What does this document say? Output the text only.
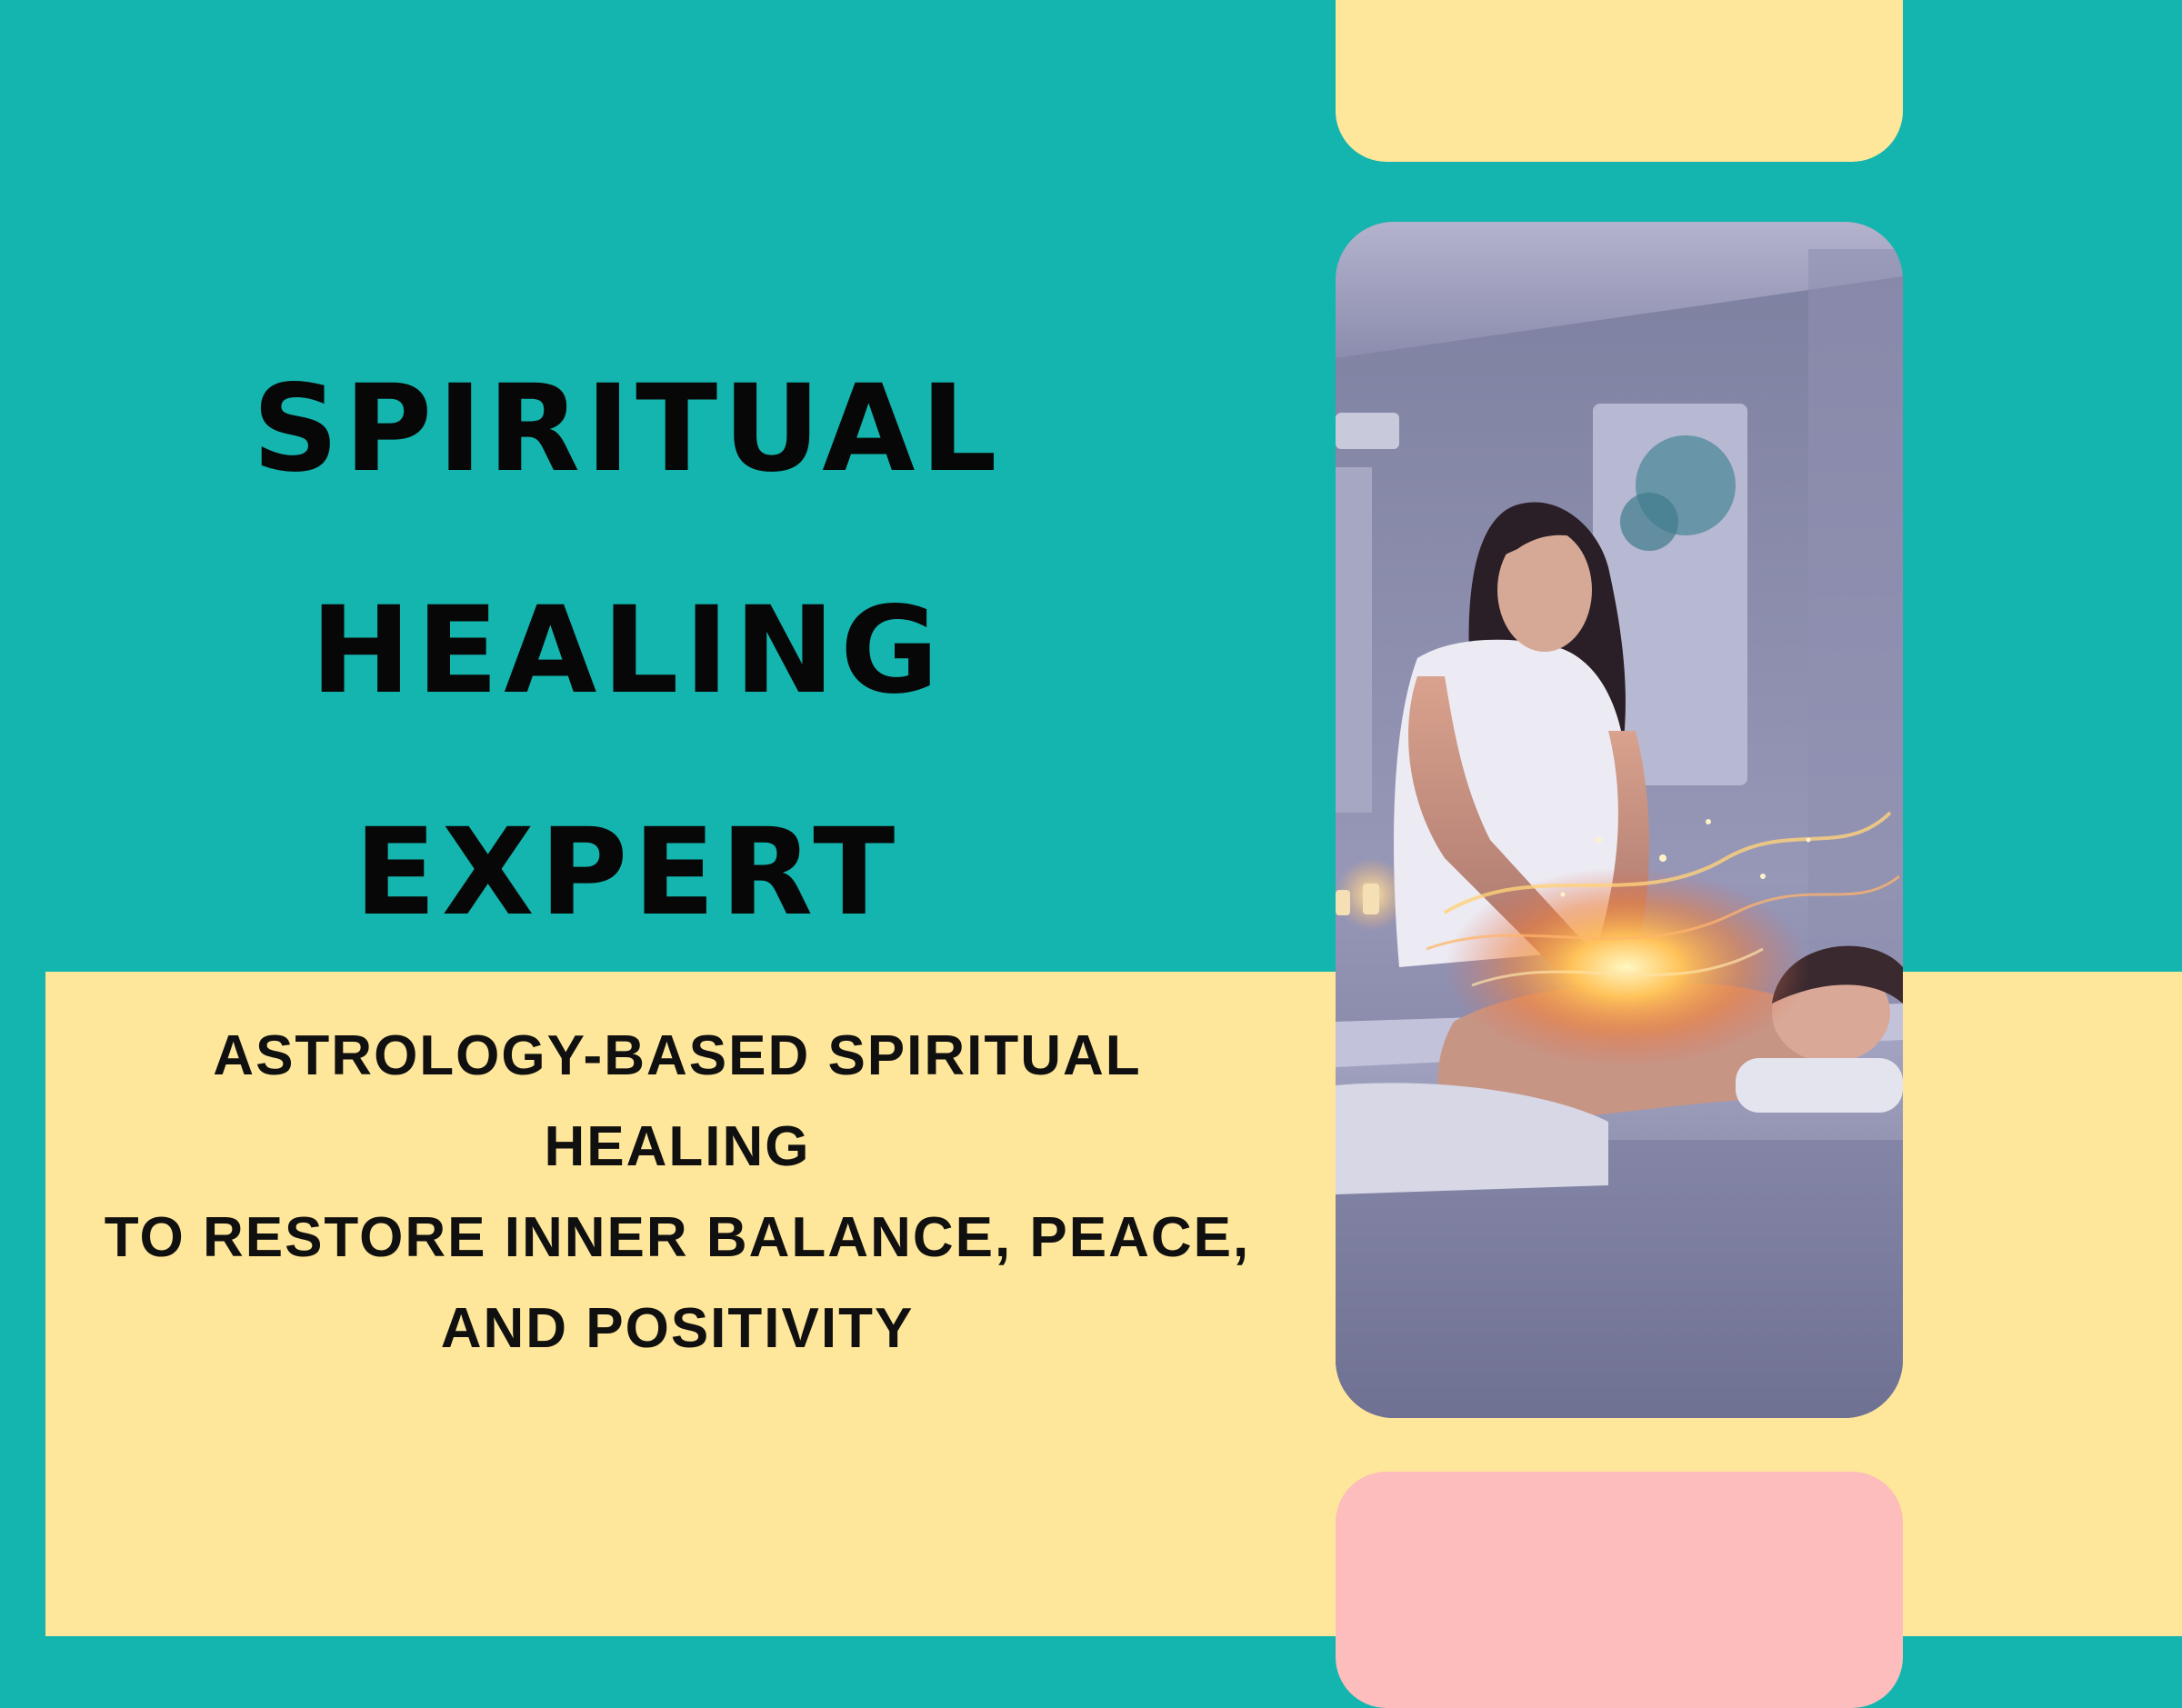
SPIRITUAL
HEALING
EXPERT
ASTROLOGY-BASED SPIRITUAL HEALING
TO RESTORE INNER BALANCE, PEACE,
AND POSITIVITY
